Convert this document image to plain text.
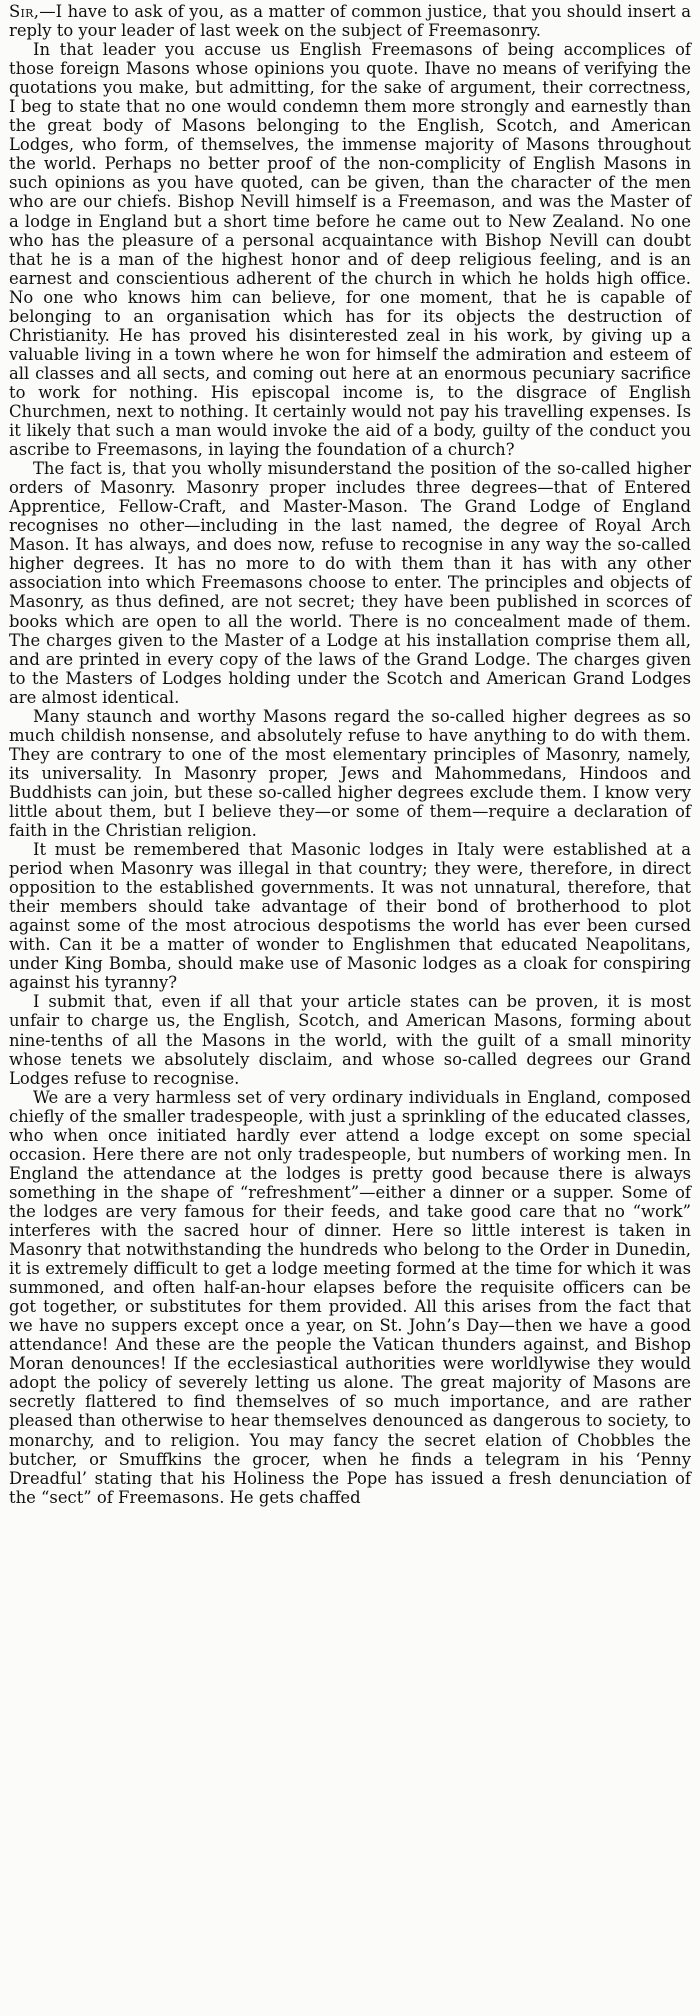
Sir,—I have to ask of you, as a matter of common justice, that you should insert a reply to your leader of last week on the subject of Freemasonry.

In that leader you accuse us English Freemasons of being accomplices of those foreign Masons whose opinions you quote. Ihave no means of verifying the quotations you make, but admitting, for the sake of argument, their correctness, I beg to state that no one would condemn them more strongly and earnestly than the great body of Masons belonging to the English, Scotch, and American Lodges, who form, of themselves, the immense majority of Masons throughout the world. Perhaps no better proof of the non-complicity of English Masons in such opinions as you have quoted, can be given, than the character of the men who are our chiefs. Bishop Nevill himself is a Freemason, and was the Master of a lodge in England but a short time before he came out to New Zealand. No one who has the pleasure of a personal acquaintance with Bishop Nevill can doubt that he is a man of the highest honor and of deep religious feeling, and is an earnest and conscientious adherent of the church in which he holds high office. No one who knows him can believe, for one moment, that he is capable of belonging to an organisation which has for its objects the destruction of Christianity. He has proved his disinterested zeal in his work, by giving up a valuable living in a town where he won for himself the admiration and esteem of all classes and all sects, and coming out here at an enormous pecuniary sacrifice to work for nothing. His episcopal income is, to the disgrace of English Churchmen, next to nothing. It certainly would not pay his travelling expenses. Is it likely that such a man would invoke the aid of a body, guilty of the conduct you ascribe to Freemasons, in laying the foundation of a church?

The fact is, that you wholly misunderstand the position of the so-called higher orders of Masonry. Masonry proper includes three degrees—that of Entered Apprentice, Fellow-Craft, and Master-Mason. The Grand Lodge of England recognises no other—including in the last named, the degree of Royal Arch Mason. It has always, and does now, refuse to recognise in any way the so-called higher degrees. It has no more to do with them than it has with any other association into which Freemasons choose to enter. The principles and objects of Masonry, as thus defined, are not secret; they have been published in scorces of books which are open to all the world. There is no concealment made of them. The charges given to the Master of a Lodge at his installation comprise them all, and are printed in every copy of the laws of the Grand Lodge. The charges given to the Masters of Lodges holding under the Scotch and American Grand Lodges are almost identical.

Many staunch and worthy Masons regard the so-called higher degrees as so much childish nonsense, and absolutely refuse to have anything to do with them. They are contrary to one of the most elementary principles of Masonry, namely, its universality. In Masonry proper, Jews and Mahommedans, Hindoos and Buddhists can join, but these so-called higher degrees exclude them. I know very little about them, but I believe they—or some of them—require a declaration of faith in the Christian religion.

It must be remembered that Masonic lodges in Italy were established at a period when Masonry was illegal in that country; they were, therefore, in direct opposition to the established governments. It was not unnatural, therefore, that their members should take advantage of their bond of brotherhood to plot against some of the most atrocious despotisms the world has ever been cursed with. Can it be a matter of wonder to Englishmen that educated Neapolitans, under King Bomba, should make use of Masonic lodges as a cloak for conspiring against his tyranny?

I submit that, even if all that your article states can be proven, it is most unfair to charge us, the English, Scotch, and American Masons, forming about nine-tenths of all the Masons in the world, with the guilt of a small minority whose tenets we absolutely disclaim, and whose so-called degrees our Grand Lodges refuse to recognise.

We are a very harmless set of very ordinary individuals in England, composed chiefly of the smaller tradespeople, with just a sprinkling of the educated classes, who when once initiated hardly ever attend a lodge except on some special occasion. Here there are not only tradespeople, but numbers of working men. In England the attendance at the lodges is pretty good because there is always something in the shape of “refreshment”—either a dinner or a supper. Some of the lodges are very famous for their feeds, and take good care that no “work” interferes with the sacred hour of dinner. Here so little interest is taken in Masonry that notwithstanding the hundreds who belong to the Order in Dunedin, it is extremely difficult to get a lodge meeting formed at the time for which it was summoned, and often half-an-hour elapses before the requisite officers can be got together, or substitutes for them provided. All this arises from the fact that we have no suppers except once a year, on St. John’s Day—then we have a good attendance! And these are the people the Vatican thunders against, and Bishop Moran denounces! If the ecclesiastical authorities were worldlywise they would adopt the policy of severely letting us alone. The great majority of Masons are secretly flattered to find themselves of so much importance, and are rather pleased than otherwise to hear themselves denounced as dangerous to society, to monarchy, and to religion. You may fancy the secret elation of Chobbles the butcher, or Smuffkins the grocer, when he finds a telegram in his ‘Penny Dreadful’ stating that his Holiness the Pope has issued a fresh denunciation of the “sect” of Freemasons. He gets chaffed
